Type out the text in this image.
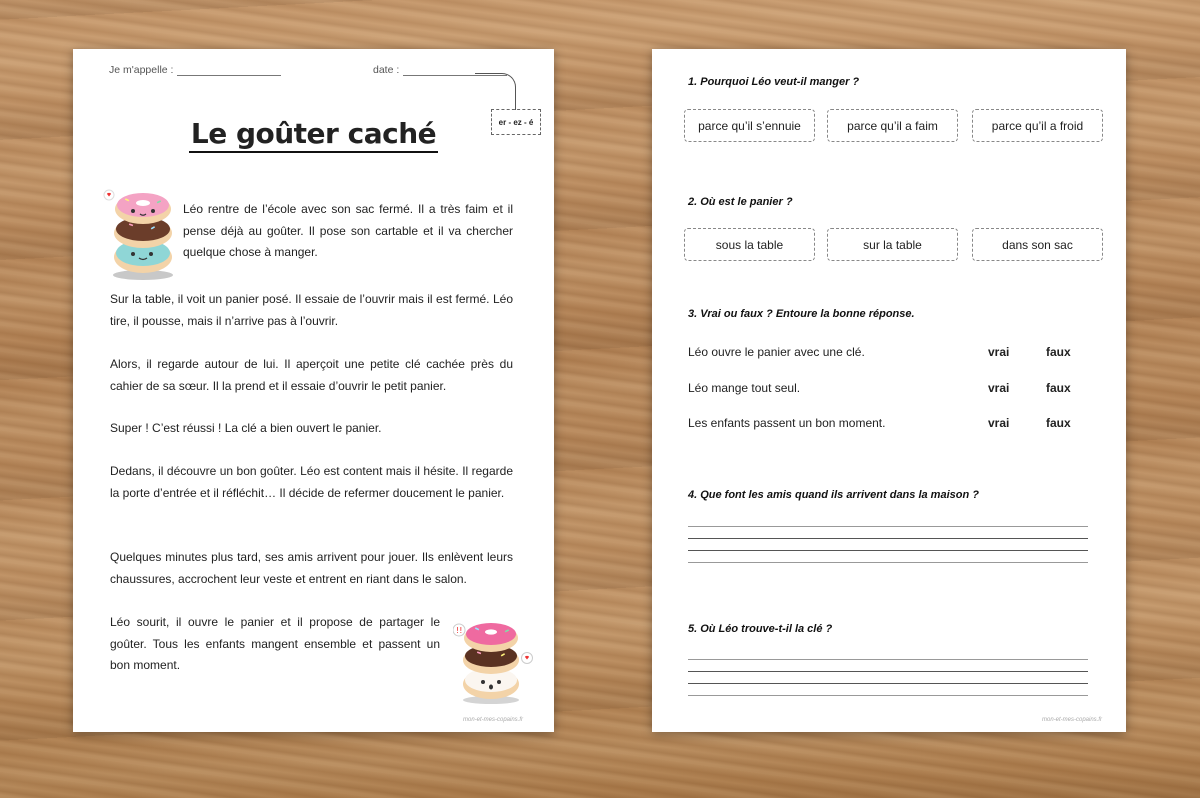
Je m'appelle :	date :
er - ez - é
Le goûter caché

Léo rentre de l’école avec son sac fermé. Il a très faim et il pense déjà au goûter. Il pose son cartable et il va chercher quelque chose à manger.

Sur la table, il voit un panier posé. Il essaie de l’ouvrir mais il est fermé. Léo tire, il pousse, mais il n’arrive pas à l’ouvrir.

Alors, il regarde autour de lui. Il aperçoit une petite clé cachée près du cahier de sa sœur. Il la prend et il essaie d’ouvrir le petit panier.

Super ! C’est réussi ! La clé a bien ouvert le panier.

Dedans, il découvre un bon goûter. Léo est content mais il hésite. Il regarde la porte d’entrée et il réfléchit… Il décide de refermer doucement le panier.

Quelques minutes plus tard, ses amis arrivent pour jouer. Ils enlèvent leurs chaussures, accrochent leur veste et entrent en riant dans le salon.

Léo sourit, il ouvre le panier et il propose de partager le goûter. Tous les enfants mangent ensemble et passent un bon moment.

!!
mon-et-mes-copains.fr
1. Pourquoi Léo veut-il manger ?
parce qu’il s’ennuie	parce qu’il a faim	parce qu’il a froid
2. Où est le panier ?
sous la table	sur la table	dans son sac
3. Vrai ou faux ? Entoure la bonne réponse.
Léo ouvre le panier avec une clé.	vrai	faux
Léo mange tout seul.	vrai	faux
Les enfants passent un bon moment.	vrai	faux
4. Que font les amis quand ils arrivent dans la maison ?
5. Où Léo trouve-t-il la clé ?
mon-et-mes-copains.fr
